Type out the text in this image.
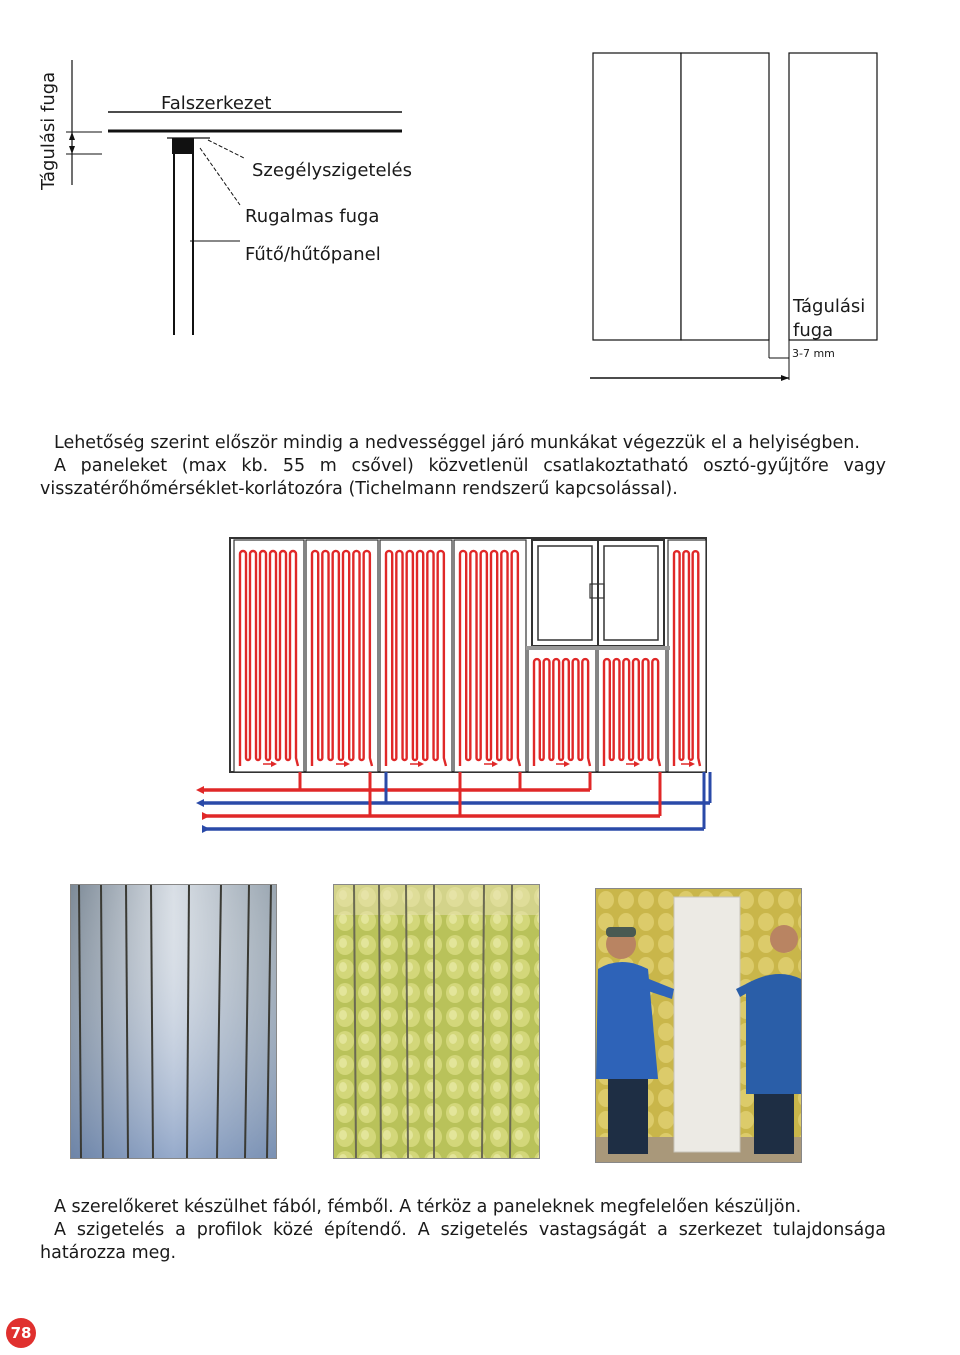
Tágulási fuga	Falszerkezet
Szegélyszigetelés
Rugalmas fuga
Fűtő/hűtőpanel
Tágulási
fuga
3-7 mm

Lehetőség szerint először mindig a nedvességgel járó munkákat végezzük el a helyiségben.

A paneleket (max kb. 55 m csővel) közvetlenül csatlakoztatható osztó-gyűjtőre vagy

visszatérőhőmérséklet-korlátozóra (Tichelmann rendszerű kapcsolással).

A szerelőkeret készülhet fából, fémből. A térköz a paneleknek megfelelően készüljön.

A szigetelés a profilok közé építendő. A szigetelés vastagságát a szerkezet tulajdonsága

határozza meg.

78
